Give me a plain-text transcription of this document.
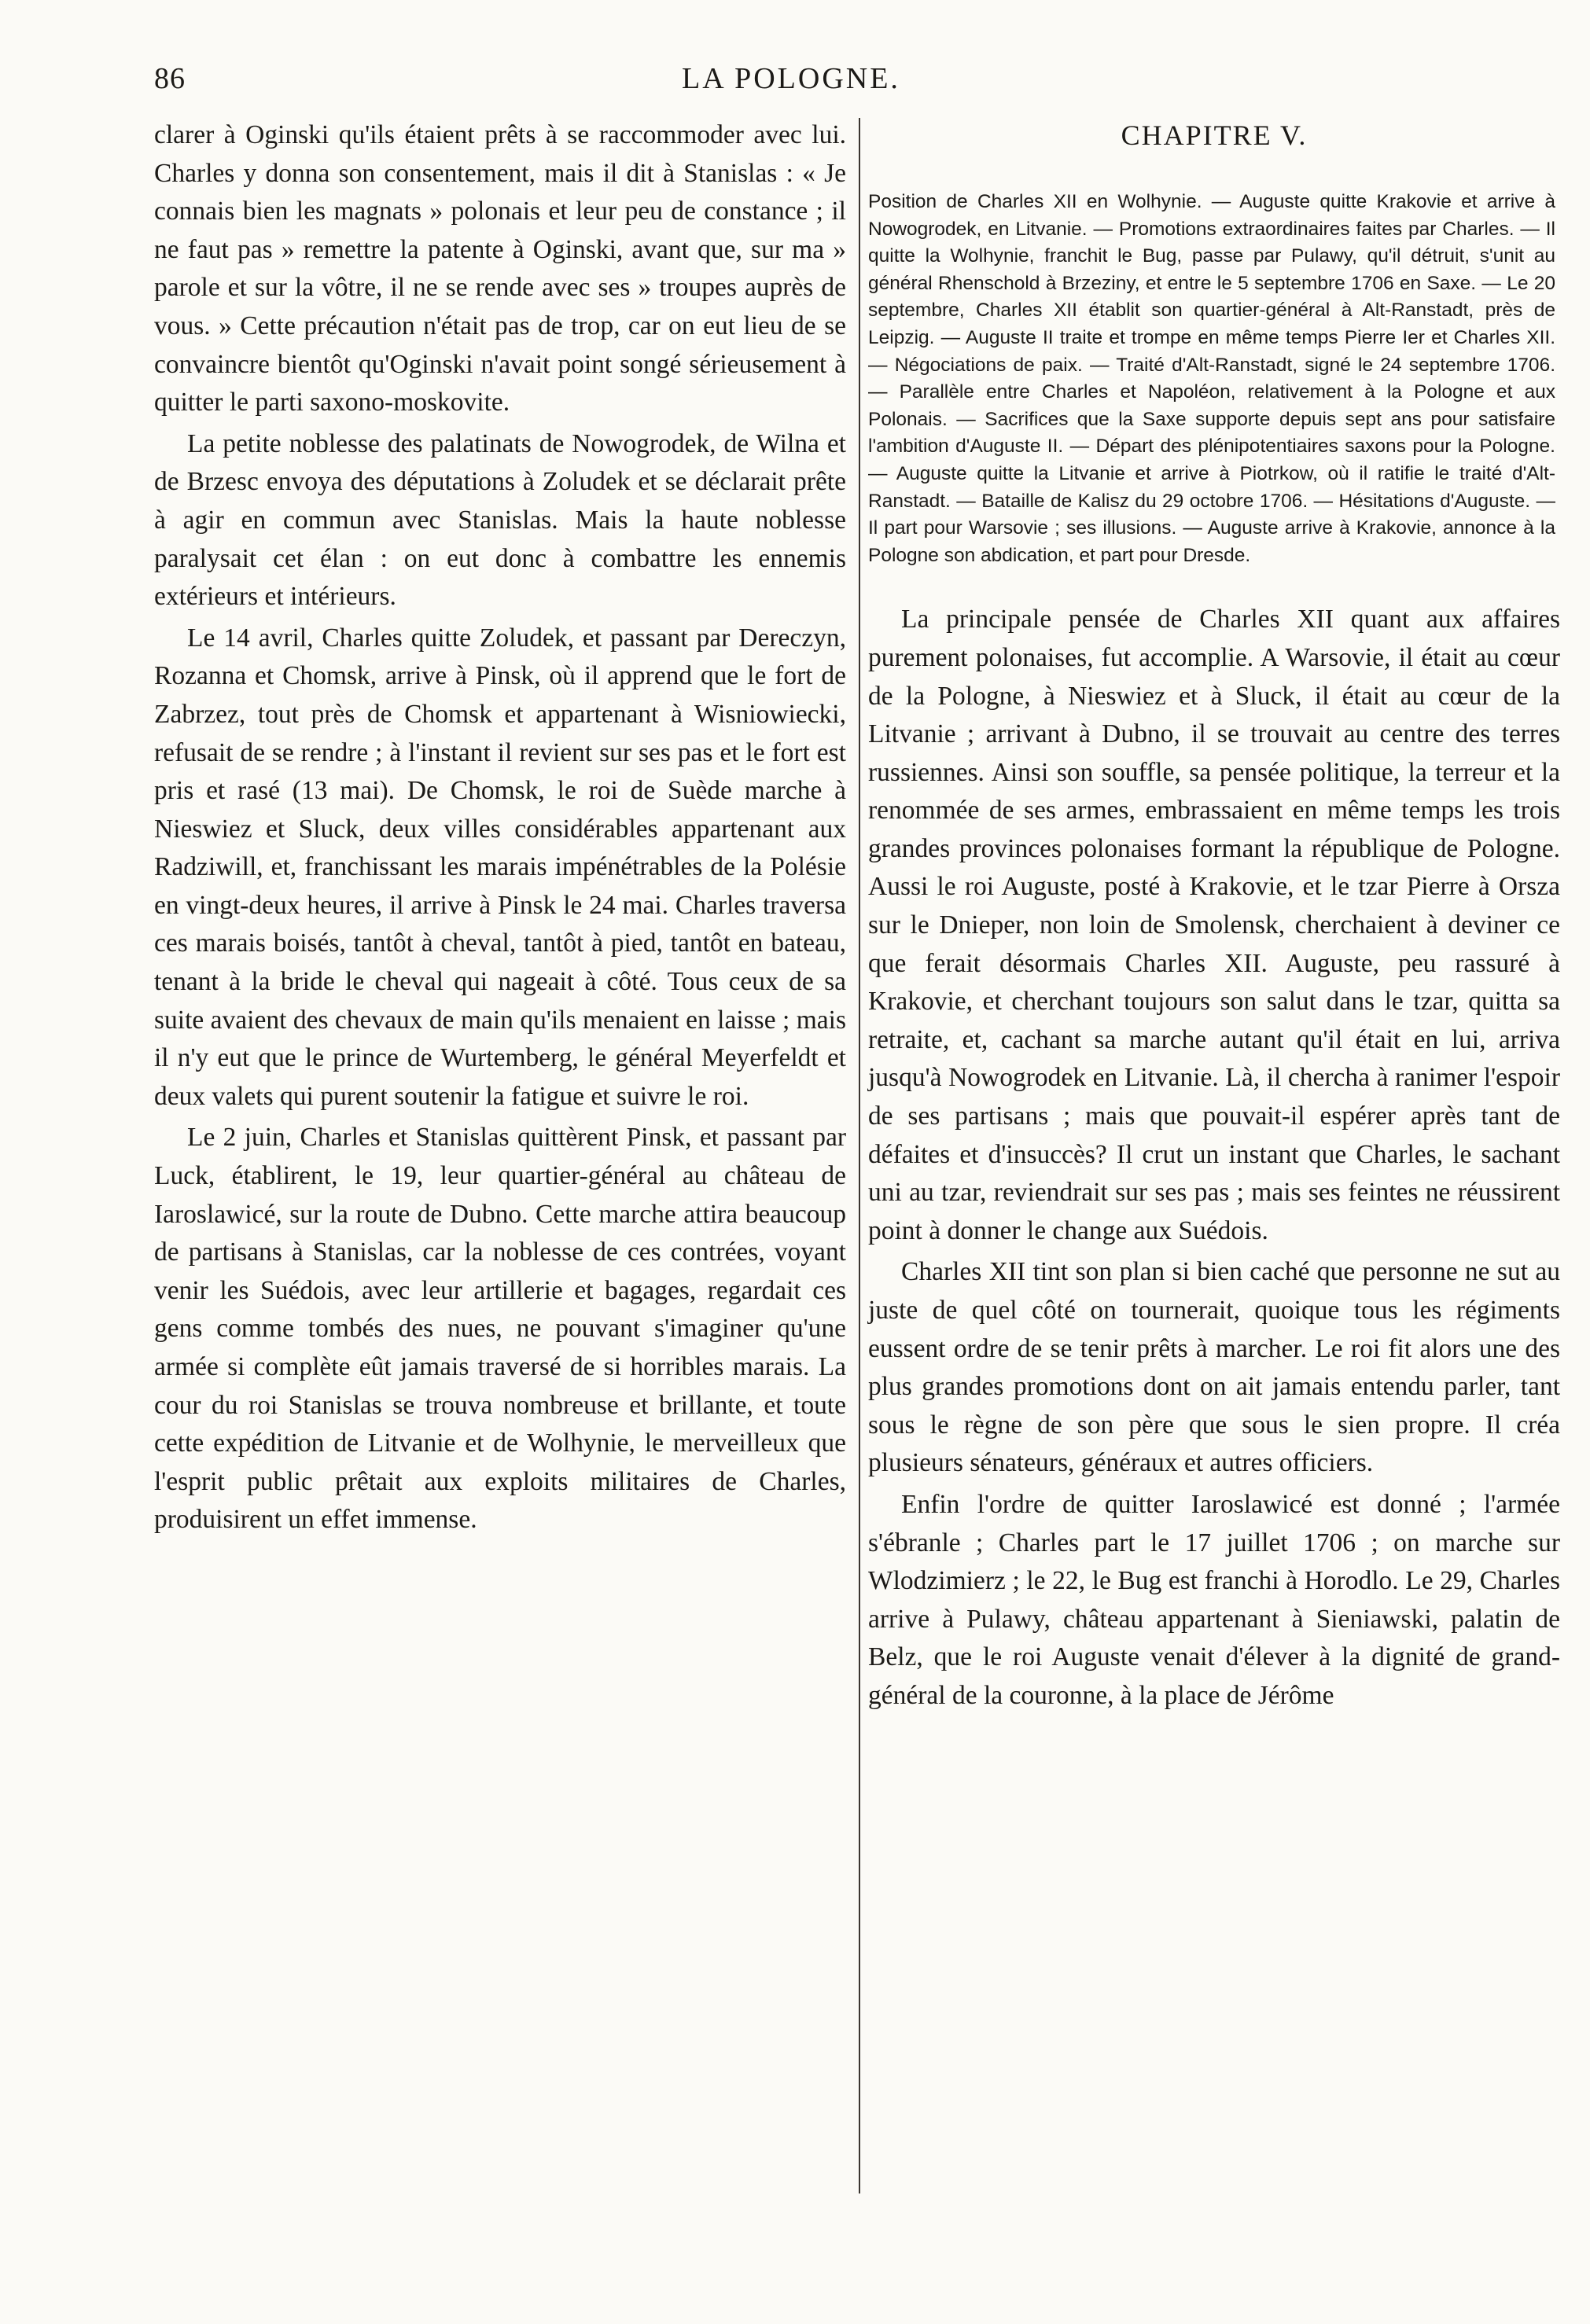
86	LA POLOGNE.

clarer à Oginski qu'ils étaient prêts à se raccommoder avec lui. Charles y donna son consentement, mais il dit à Stanislas : « Je connais bien les magnats » polonais et leur peu de constance ; il ne faut pas » remettre la patente à Oginski, avant que, sur ma » parole et sur la vôtre, il ne se rende avec ses » troupes auprès de vous. » Cette précaution n'était pas de trop, car on eut lieu de se convaincre bientôt qu'Oginski n'avait point songé sérieusement à quitter le parti saxono-moskovite.

La petite noblesse des palatinats de Nowogrodek, de Wilna et de Brzesc envoya des députations à Zoludek et se déclarait prête à agir en commun avec Stanislas. Mais la haute noblesse paralysait cet élan : on eut donc à combattre les ennemis extérieurs et intérieurs.

Le 14 avril, Charles quitte Zoludek, et passant par Dereczyn, Rozanna et Chomsk, arrive à Pinsk, où il apprend que le fort de Zabrzez, tout près de Chomsk et appartenant à Wisniowiecki, refusait de se rendre ; à l'instant il revient sur ses pas et le fort est pris et rasé (13 mai). De Chomsk, le roi de Suède marche à Nieswiez et Sluck, deux villes considérables appartenant aux Radziwill, et, franchissant les marais impénétrables de la Polésie en vingt-deux heures, il arrive à Pinsk le 24 mai. Charles traversa ces marais boisés, tantôt à cheval, tantôt à pied, tantôt en bateau, tenant à la bride le cheval qui nageait à côté. Tous ceux de sa suite avaient des chevaux de main qu'ils menaient en laisse ; mais il n'y eut que le prince de Wurtemberg, le général Meyerfeldt et deux valets qui purent soutenir la fatigue et suivre le roi.

Le 2 juin, Charles et Stanislas quittèrent Pinsk, et passant par Luck, établirent, le 19, leur quartier-général au château de Iaroslawicé, sur la route de Dubno. Cette marche attira beaucoup de partisans à Stanislas, car la noblesse de ces contrées, voyant venir les Suédois, avec leur artillerie et bagages, regardait ces gens comme tombés des nues, ne pouvant s'imaginer qu'une armée si complète eût jamais traversé de si horribles marais. La cour du roi Stanislas se trouva nombreuse et brillante, et toute cette expédition de Litvanie et de Wolhynie, le merveilleux que l'esprit public prêtait aux exploits militaires de Charles, produisirent un effet immense.

CHAPITRE V.

Position de Charles XII en Wolhynie. — Auguste quitte Krakovie et arrive à Nowogrodek, en Litvanie. — Promotions extraordinaires faites par Charles. — Il quitte la Wolhynie, franchit le Bug, passe par Pulawy, qu'il détruit, s'unit au général Rhenschold à Brzeziny, et entre le 5 septembre 1706 en Saxe. — Le 20 septembre, Charles XII établit son quartier-général à Alt-Ranstadt, près de Leipzig. — Auguste II traite et trompe en même temps Pierre Ier et Charles XII. — Négociations de paix. — Traité d'Alt-Ranstadt, signé le 24 septembre 1706. — Parallèle entre Charles et Napoléon, relativement à la Pologne et aux Polonais. — Sacrifices que la Saxe supporte depuis sept ans pour satisfaire l'ambition d'Auguste II. — Départ des plénipotentiaires saxons pour la Pologne. — Auguste quitte la Litvanie et arrive à Piotrkow, où il ratifie le traité d'Alt-Ranstadt. — Bataille de Kalisz du 29 octobre 1706. — Hésitations d'Auguste. — Il part pour Warsovie ; ses illusions. — Auguste arrive à Krakovie, annonce à la Pologne son abdication, et part pour Dresde.

La principale pensée de Charles XII quant aux affaires purement polonaises, fut accomplie. A Warsovie, il était au cœur de la Pologne, à Nieswiez et à Sluck, il était au cœur de la Litvanie ; arrivant à Dubno, il se trouvait au centre des terres russiennes. Ainsi son souffle, sa pensée politique, la terreur et la renommée de ses armes, embrassaient en même temps les trois grandes provinces polonaises formant la république de Pologne. Aussi le roi Auguste, posté à Krakovie, et le tzar Pierre à Orsza sur le Dnieper, non loin de Smolensk, cherchaient à deviner ce que ferait désormais Charles XII. Auguste, peu rassuré à Krakovie, et cherchant toujours son salut dans le tzar, quitta sa retraite, et, cachant sa marche autant qu'il était en lui, arriva jusqu'à Nowogrodek en Litvanie. Là, il chercha à ranimer l'espoir de ses partisans ; mais que pouvait-il espérer après tant de défaites et d'insuccès? Il crut un instant que Charles, le sachant uni au tzar, reviendrait sur ses pas ; mais ses feintes ne réussirent point à donner le change aux Suédois.

Charles XII tint son plan si bien caché que personne ne sut au juste de quel côté on tournerait, quoique tous les régiments eussent ordre de se tenir prêts à marcher. Le roi fit alors une des plus grandes promotions dont on ait jamais entendu parler, tant sous le règne de son père que sous le sien propre. Il créa plusieurs sénateurs, généraux et autres officiers.

Enfin l'ordre de quitter Iaroslawicé est donné ; l'armée s'ébranle ; Charles part le 17 juillet 1706 ; on marche sur Wlodzimierz ; le 22, le Bug est franchi à Horodlo. Le 29, Charles arrive à Pulawy, château appartenant à Sieniawski, palatin de Belz, que le roi Auguste venait d'élever à la dignité de grand-général de la couronne, à la place de Jérôme
